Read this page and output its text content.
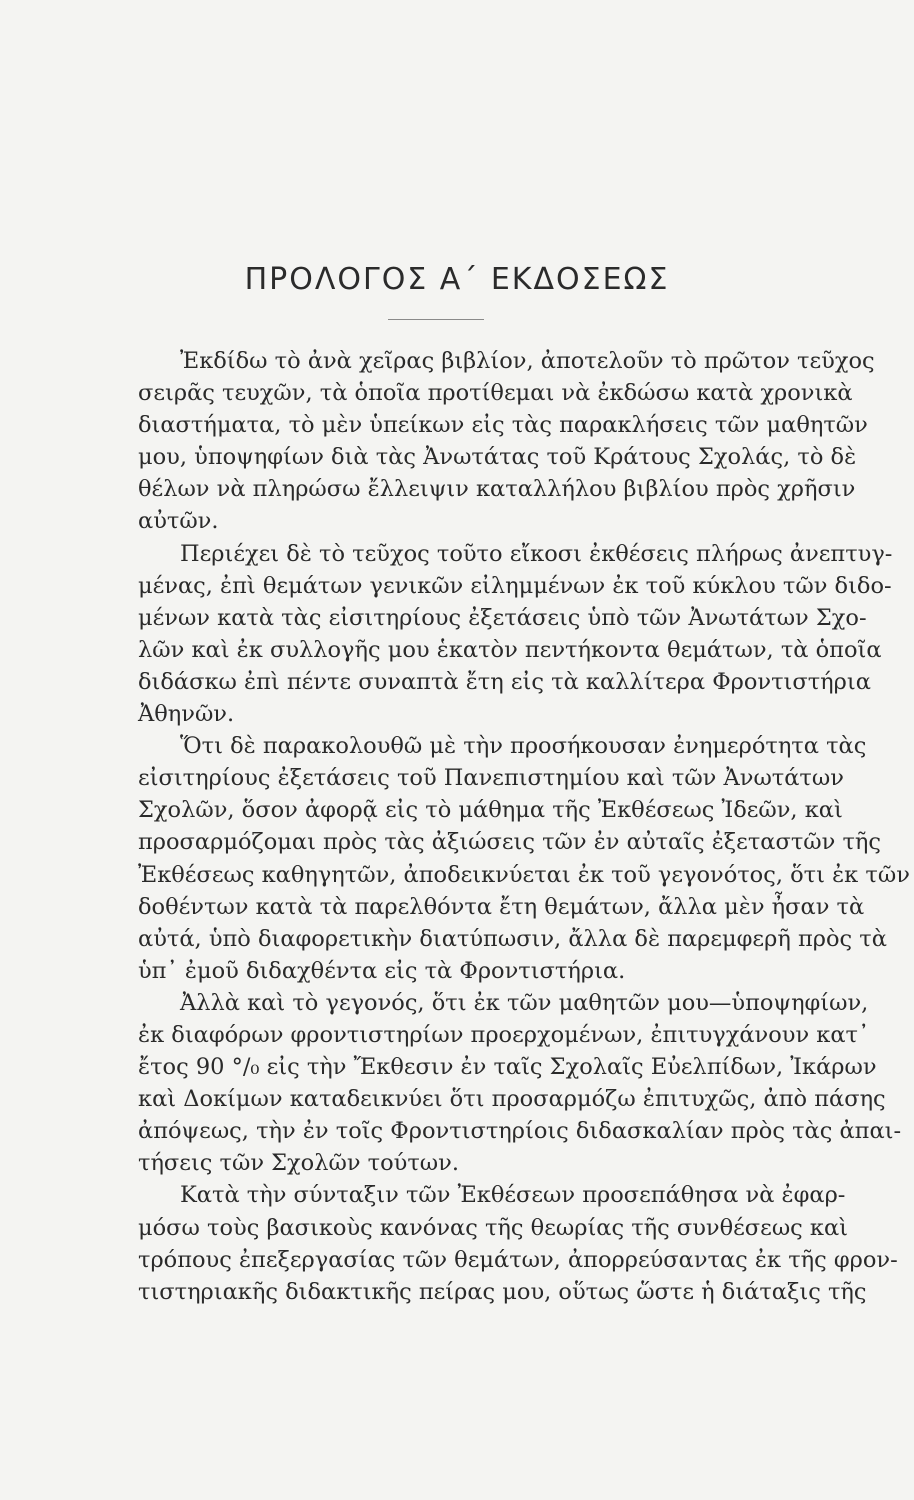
ΠΡΟΛΟΓΟΣ Α΄ ΕΚΔΟΣΕΩΣ
Ἐκδίδω τὸ ἀνὰ χεῖρας βιβλίον, ἀποτελοῦν τὸ πρῶτον τεῦχος
σειρᾶς τευχῶν, τὰ ὁποῖα προτίθεμαι νὰ ἐκδώσω κατὰ χρονικὰ
διαστήματα, τὸ μὲν ὑπείκων εἰς τὰς παρακλήσεις τῶν μαθητῶν
μου, ὑποψηφίων διὰ τὰς Ἀνωτάτας τοῦ Κράτους Σχολάς, τὸ δὲ
θέλων νὰ πληρώσω ἔλλειψιν καταλλήλου βιβλίου πρὸς χρῆσιν
αὐτῶν.
Περιέχει δὲ τὸ τεῦχος τοῦτο εἴκοσι ἐκθέσεις πλήρως ἀνεπτυγ-
μένας, ἐπὶ θεμάτων γενικῶν εἰλημμένων ἐκ τοῦ κύκλου τῶν διδο-
μένων κατὰ τὰς εἰσιτηρίους ἐξετάσεις ὑπὸ τῶν Ἀνωτάτων Σχο-
λῶν καὶ ἐκ συλλογῆς μου ἑκατὸν πεντήκοντα θεμάτων, τὰ ὁποῖα
διδάσκω ἐπὶ πέντε συναπτὰ ἔτη εἰς τὰ καλλίτερα Φροντιστήρια
Ἀθηνῶν.
Ὅτι δὲ παρακολουθῶ μὲ τὴν προσήκουσαν ἐνημερότητα τὰς
εἰσιτηρίους ἐξετάσεις τοῦ Πανεπιστημίου καὶ τῶν Ἀνωτάτων
Σχολῶν, ὅσον ἀφορᾷ εἰς τὸ μάθημα τῆς Ἐκθέσεως Ἰδεῶν, καὶ
προσαρμόζομαι πρὸς τὰς ἀξιώσεις τῶν ἐν αὐταῖς ἐξεταστῶν τῆς
Ἐκθέσεως καθηγητῶν, ἀποδεικνύεται ἐκ τοῦ γεγονότος, ὅτι ἐκ τῶν
δοθέντων κατὰ τὰ παρελθόντα ἔτη θεμάτων, ἄλλα μὲν ἦσαν τὰ
αὐτά, ὑπὸ διαφορετικὴν διατύπωσιν, ἄλλα δὲ παρεμφερῆ πρὸς τὰ
ὑπ᾽ ἐμοῦ διδαχθέντα εἰς τὰ Φροντιστήρια.
Ἀλλὰ καὶ τὸ γεγονός, ὅτι ἐκ τῶν μαθητῶν μου—ὑποψηφίων,
ἐκ διαφόρων φροντιστηρίων προερχομένων, ἐπιτυγχάνουν κατ᾽
ἔτος 90 °/₀ εἰς τὴν Ἔκθεσιν ἐν ταῖς Σχολαῖς Εὐελπίδων, Ἰκάρων
καὶ Δοκίμων καταδεικνύει ὅτι προσαρμόζω ἐπιτυχῶς, ἀπὸ πάσης
ἀπόψεως, τὴν ἐν τοῖς Φροντιστηρίοις διδασκαλίαν πρὸς τὰς ἀπαι-
τήσεις τῶν Σχολῶν τούτων.
Κατὰ τὴν σύνταξιν τῶν Ἐκθέσεων προσεπάθησα νὰ ἐφαρ-
μόσω τοὺς βασικοὺς κανόνας τῆς θεωρίας τῆς συνθέσεως καὶ
τρόπους ἐπεξεργασίας τῶν θεμάτων, ἀπορρεύσαντας ἐκ τῆς φρον-
τιστηριακῆς διδακτικῆς πείρας μου, οὕτως ὥστε ἡ διάταξις τῆς
